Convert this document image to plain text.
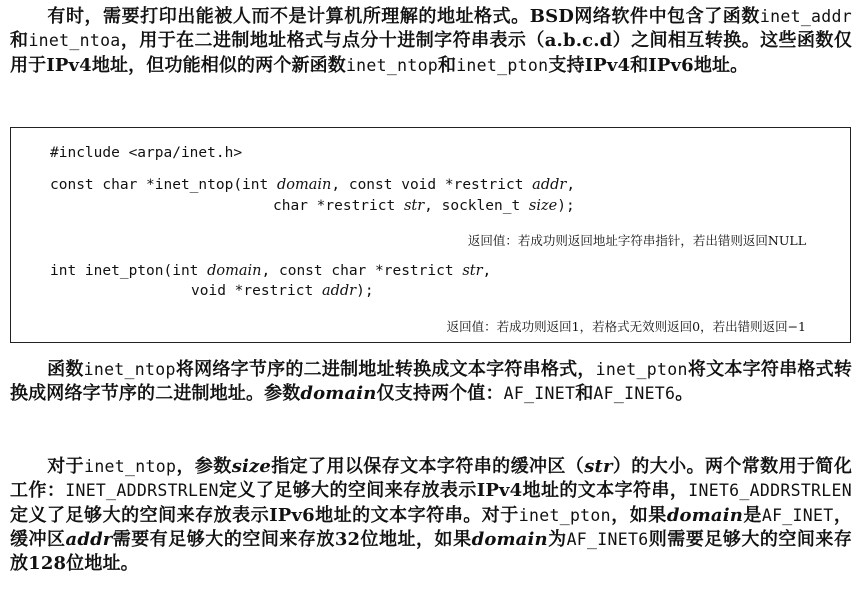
有时，需要打印出能被人而不是计算机所理解的地址格式。BSD网络软件中包含了函数inet_addr和inet_ntoa，用于在二进制地址格式与点分十进制字符串表示（a.b.c.d）之间相互转换。这些函数仅用于IPv4地址，但功能相似的两个新函数inet_ntop和inet_pton支持IPv4和IPv6地址。
#include <arpa/inet.h>
const char *inet_ntop(int domain, const void *restrict addr,
char *restrict str, socklen_t size);
返回值：若成功则返回地址字符串指针，若出错则返回NULL
int inet_pton(int domain, const char *restrict str,
void *restrict addr);
返回值：若成功则返回1，若格式无效则返回0，若出错则返回−1
函数inet_ntop将网络字节序的二进制地址转换成文本字符串格式，inet_pton将文本字符串格式转换成网络字节序的二进制地址。参数domain仅支持两个值：AF_INET和AF_INET6。
对于inet_ntop，参数size指定了用以保存文本字符串的缓冲区（str）的大小。两个常数用于简化工作：INET_ADDRSTRLEN定义了足够大的空间来存放表示IPv4地址的文本字符串，INET6_ADDRSTRLEN定义了足够大的空间来存放表示IPv6地址的文本字符串。对于inet_pton，如果domain是AF_INET，缓冲区addr需要有足够大的空间来存放32位地址，如果domain为AF_INET6则需要足够大的空间来存放128位地址。
